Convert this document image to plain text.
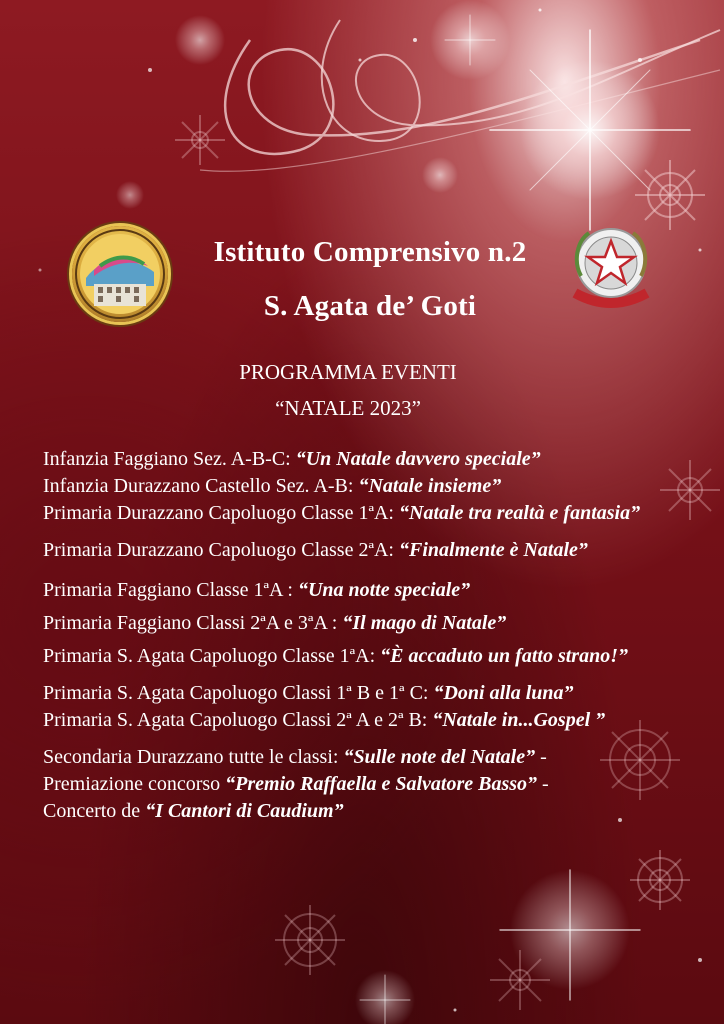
Istituto Comprensivo n.2
S. Agata de’ Goti
PROGRAMMA EVENTI
“NATALE 2023”
Infanzia Faggiano Sez. A-B-C: “Un Natale davvero speciale”
Infanzia Durazzano Castello Sez. A-B: “Natale insieme”
Primaria Durazzano Capoluogo Classe 1ªA: “Natale tra realtà e fantasia”
Primaria Durazzano Capoluogo Classe 2ªA: “Finalmente è Natale”
Primaria Faggiano Classe 1ªA : “Una notte speciale”
Primaria Faggiano Classi 2ªA e 3ªA : “Il mago di Natale”
Primaria S. Agata Capoluogo Classe 1ªA: “È accaduto un fatto strano!”
Primaria S. Agata Capoluogo Classi 1ª B e 1ª C: “Doni alla luna”
Primaria S. Agata Capoluogo Classi 2ª A e 2ª B: “Natale in...Gospel ”
Secondaria Durazzano tutte le classi: “Sulle note del Natale” -
Premiazione concorso “Premio Raffaella e Salvatore Basso” -
Concerto de “I Cantori di Caudium”
